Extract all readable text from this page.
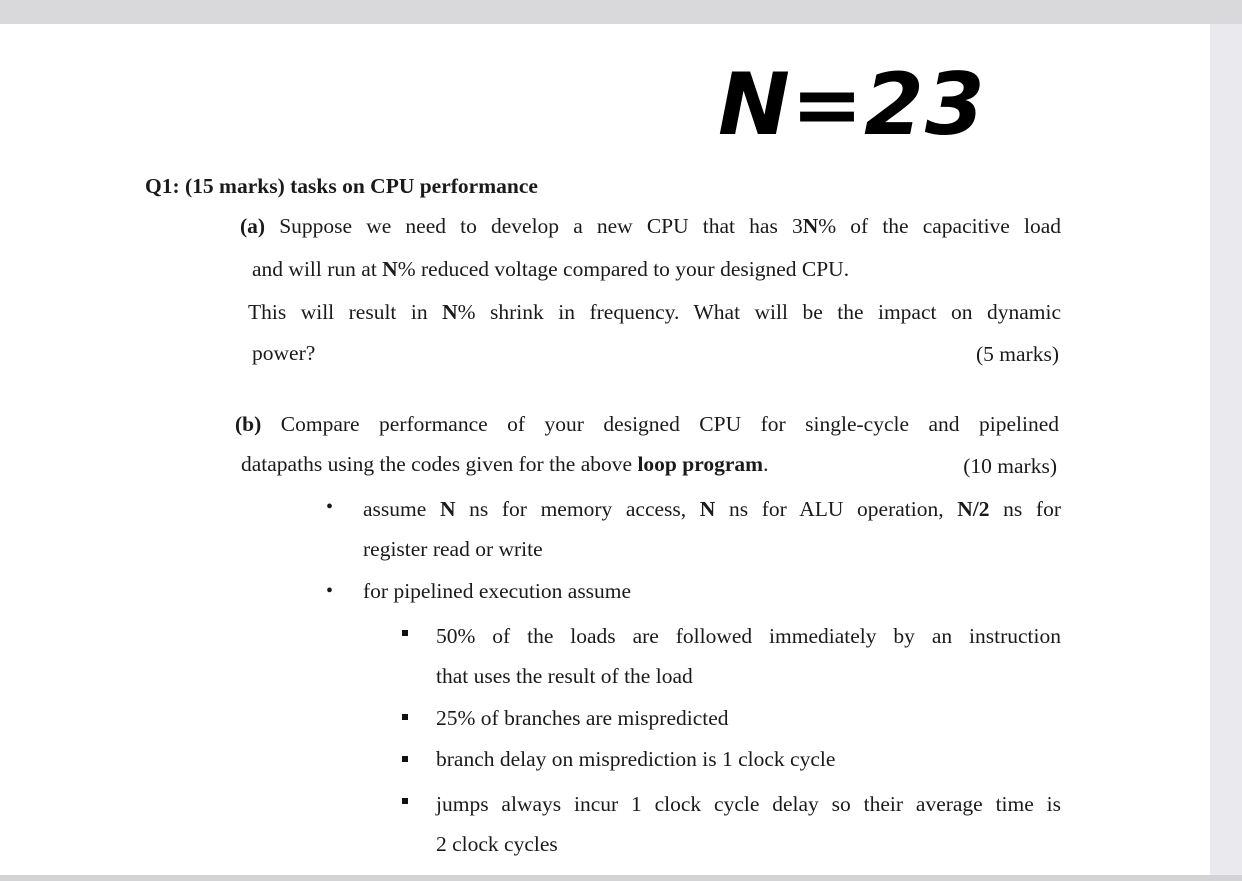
N=23
Q1: (15 marks) tasks on CPU performance
(a) Suppose we need to develop a new CPU that has 3N% of the capacitive load
and will run at N% reduced voltage compared to your designed CPU.
This will result in N% shrink in frequency. What will be the impact on dynamic
power?	(5 marks)
(b) Compare performance of your designed CPU for single-cycle and pipelined
datapaths using the codes given for the above loop program.	(10 marks)
• assume N ns for memory access, N ns for ALU operation, N/2 ns for
register read or write
• for pipelined execution assume
50% of the loads are followed immediately by an instruction
that uses the result of the load
25% of branches are mispredicted
branch delay on misprediction is 1 clock cycle
jumps always incur 1 clock cycle delay so their average time is
2 clock cycles
